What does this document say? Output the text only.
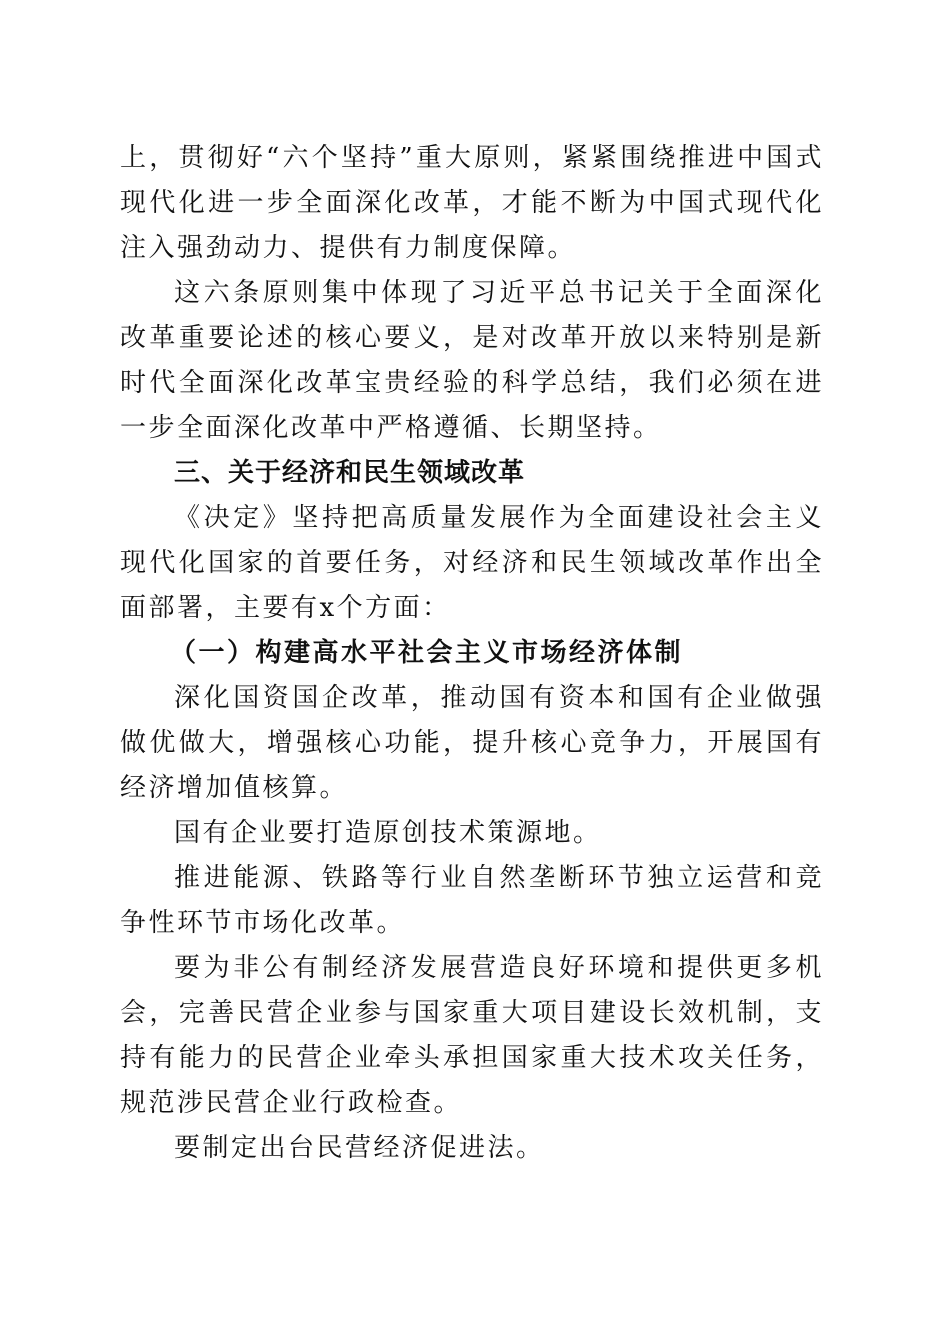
上，贯彻好“六个坚持”重大原则，紧紧围绕推进中国式现代化进一步全面深化改革，才能不断为中国式现代化注入强劲动力、提供有力制度保障。

这六条原则集中体现了习近平总书记关于全面深化改革重要论述的核心要义，是对改革开放以来特别是新时代全面深化改革宝贵经验的科学总结，我们必须在进一步全面深化改革中严格遵循、长期坚持。

三、关于经济和民生领域改革

《决定》坚持把高质量发展作为全面建设社会主义现代化国家的首要任务，对经济和民生领域改革作出全面部署，主要有x个方面：

（一）构建高水平社会主义市场经济体制

深化国资国企改革，推动国有资本和国有企业做强做优做大，增强核心功能，提升核心竞争力，开展国有经济增加值核算。

国有企业要打造原创技术策源地。

推进能源、铁路等行业自然垄断环节独立运营和竞争性环节市场化改革。

要为非公有制经济发展营造良好环境和提供更多机会，完善民营企业参与国家重大项目建设长效机制，支持有能力的民营企业牵头承担国家重大技术攻关任务，规范涉民营企业行政检查。

要制定出台民营经济促进法。
